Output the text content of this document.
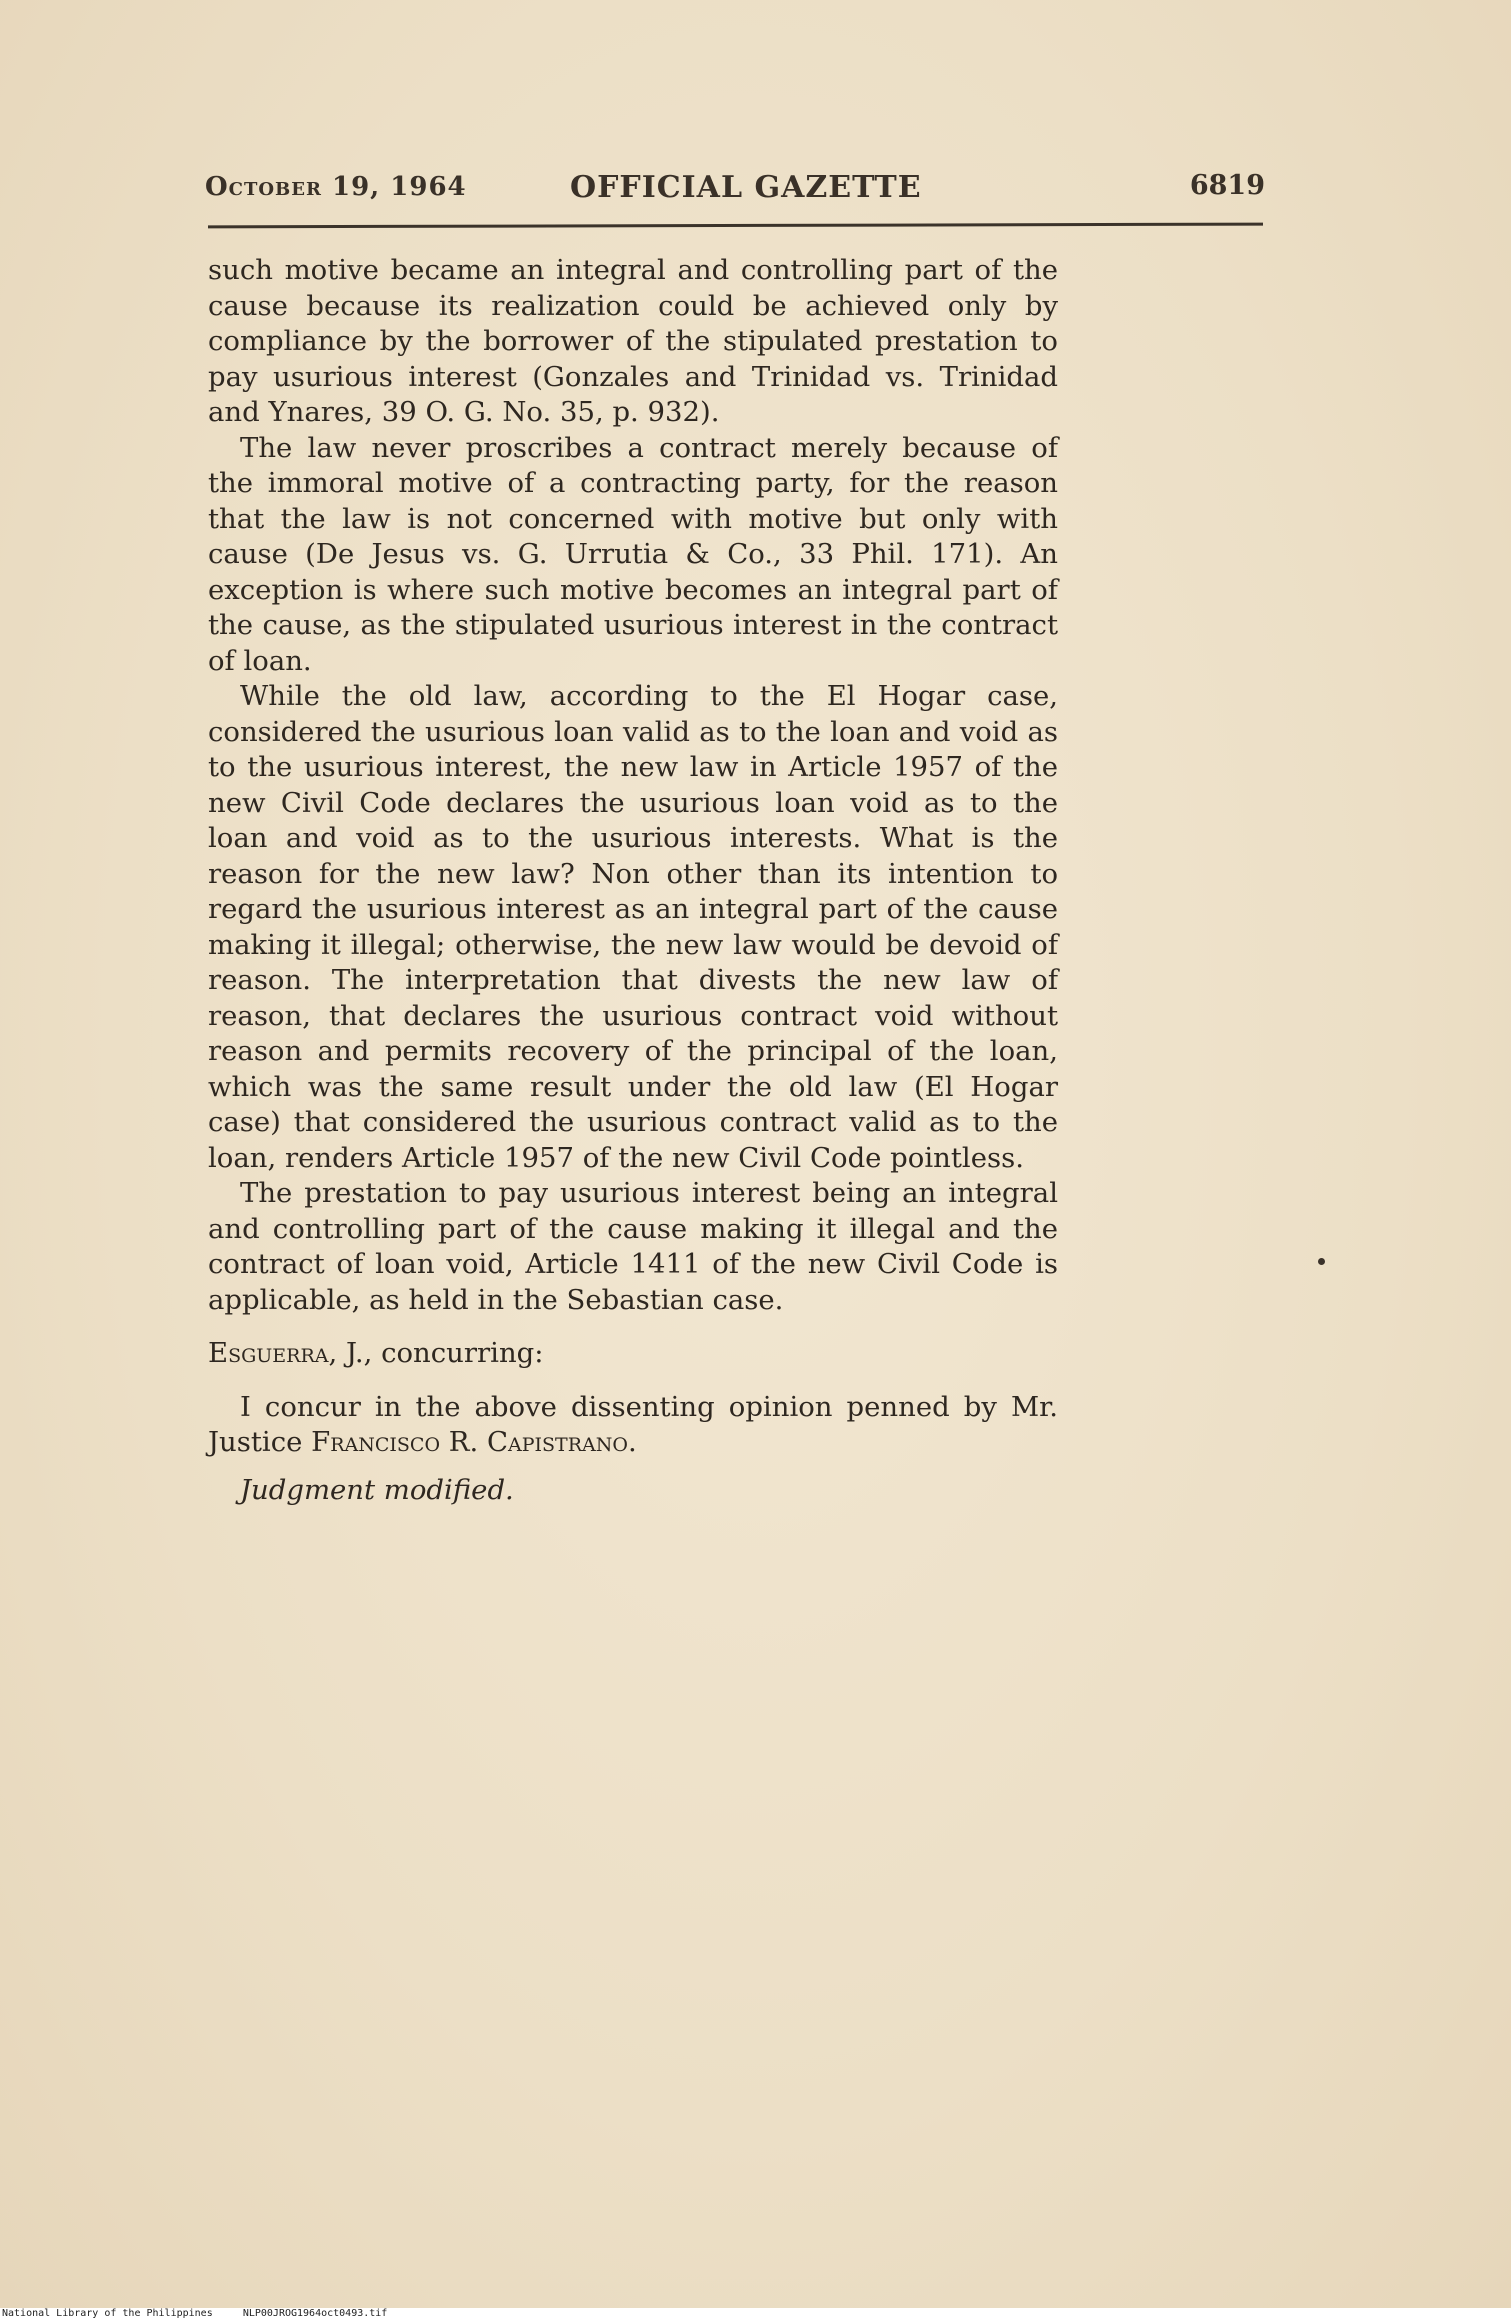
October 19, 1964	OFFICIAL GAZETTE	6819

such motive became an integral and controlling part of the cause because its realization could be achieved only by compliance by the borrower of the stipulated prestation to pay usurious interest (Gonzales and Trinidad vs. Trinidad and Ynares, 39 O. G. No. 35, p. 932).

The law never proscribes a contract merely because of the immoral motive of a contracting party, for the reason that the law is not concerned with motive but only with cause (De Jesus vs. G. Urrutia & Co., 33 Phil. 171). An exception is where such motive becomes an integral part of the cause, as the stipulated usurious interest in the contract of loan.

While the old law, according to the El Hogar case, considered the usurious loan valid as to the loan and void as to the usurious interest, the new law in Article 1957 of the new Civil Code declares the usurious loan void as to the loan and void as to the usurious interests. What is the reason for the new law? Non other than its intention to regard the usurious interest as an integral part of the cause making it illegal; otherwise, the new law would be devoid of reason. The interpretation that divests the new law of reason, that declares the usurious contract void without reason and permits recovery of the principal of the loan, which was the same result under the old law (El Hogar case) that considered the usurious contract valid as to the loan, renders Article 1957 of the new Civil Code pointless.

The prestation to pay usurious interest being an integral and controlling part of the cause making it illegal and the contract of loan void, Article 1411 of the new Civil Code is applicable, as held in the Sebastian case.

Esguerra, J., concurring:

I concur in the above dissenting opinion penned by Mr. Justice Francisco R. Capistrano.

Judgment modified.

National Library of the Philippines     NLP00JROG1964oct0493.tif
